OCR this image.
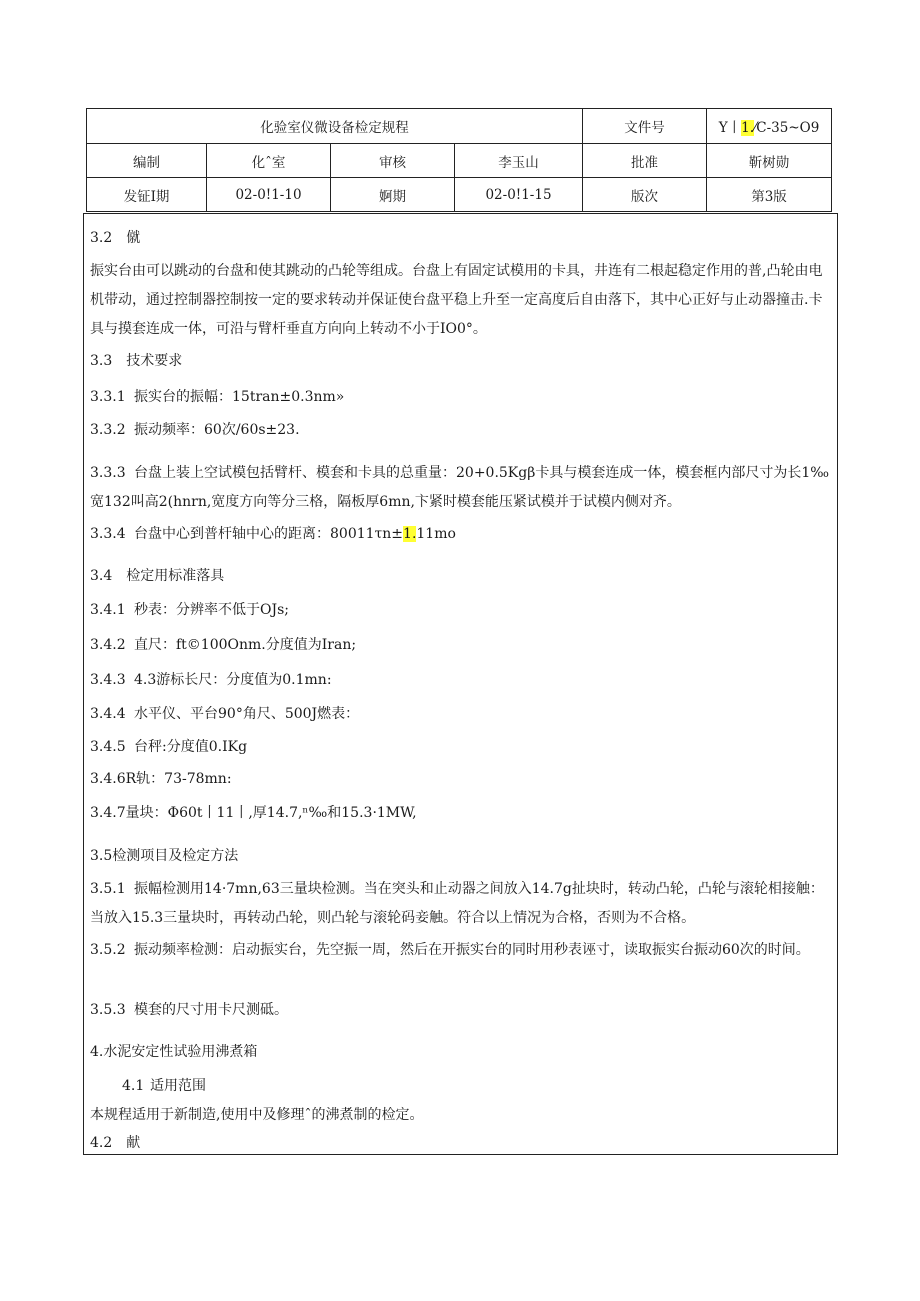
化验室仪微设备检定规程				文件号	Y丨1.⁄C-35~O9
编制	化ˆ室	审核	李玉山	批准	靳树勋
发钲I期	02-0!1-10	婀期	02-0!1-15	版次	第3版
3.2　僦
振实台由可以跳动的台盘和使其跳动的凸轮等组成。台盘上有固定试模用的卡具，井连有二根起稳定作用的普,凸轮由电机带动，通过控制器控制按一定的要求转动并保证使台盘平稳上升至一定高度后自由落下，其中心正好与止动器撞击.卡具与摸套连成一体，可沿与臂杆垂直方向向上转动不小于IO0°。
3.3　技术要求
3.3.1 振实台的振幅：15tran±0.3nm»
3.3.2 振动频率：60次/60s±23.
3.3.3 台盘上装上空试模包括臂杆、模套和卡具的总重量：20+0.5Kgβ卡具与模套连成一体，模套框内部尺寸为长1‰宽132叫高2(hnrn,宽度方向等分三格，隔板厚6mn,卞紧时模套能压紧试模并于试模内侧对齐。
3.3.4 台盘中心到普杆轴中心的距离：80011τn±1.11mo
3.4　检定用标准落具
3.4.1 秒表：分辨率不低于OJs;
3.4.2 直尺：ft©100Onm.分度值为Iran;
3.4.3 4.3游标长尺：分度值为0.1mn:
3.4.4 水平仪、平台90°角尺、500J燃表：
3.4.5 台秤:分度值0.IKg
3.4.6R轨：73-78mn:
3.4.7量块：Φ60t丨11丨,厚14.7,ⁿ‰和15.3·1MW,
3.5检测项目及检定方法
3.5.1 振幅检测用14·7mn,63三量块检测。当在突头和止动器之间放入14.7g扯块时，转动凸轮，凸轮与滚轮相接触：当放入15.3三量块时，再转动凸轮，则凸轮与滚轮码妾触。符合以上情况为合格，否则为不合格。
3.5.2 振动频率检测：启动振实台，先空振一周，然后在开振实台的同时用秒表诬寸，读取振实台振动60次的时间。
3.5.3 模套的尺寸用卡尺测砥。
4.水泥安定性试验用沸煮箱
4.1 适用范围
本规程适用于新制造,使用中及修理ˆ的沸煮制的检定。
4.2　献
